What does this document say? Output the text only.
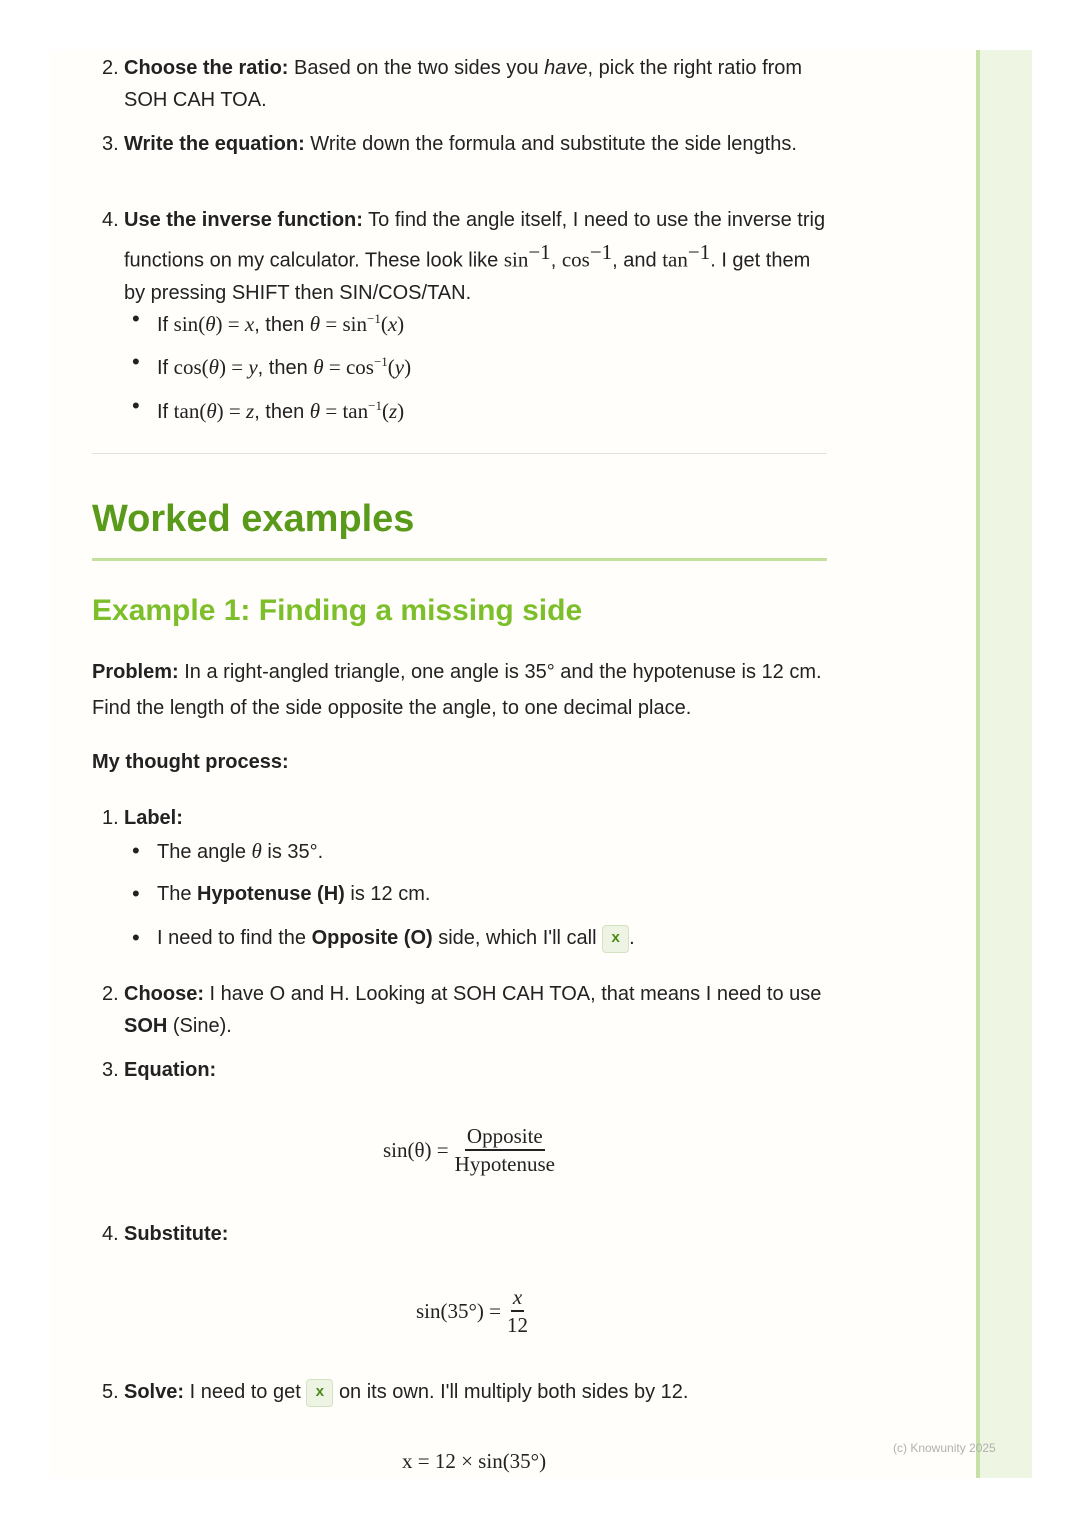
2. Choose the ratio: Based on the two sides you have, pick the right ratio from SOH CAH TOA.
3. Write the equation: Write down the formula and substitute the side lengths.
4. Use the inverse function: To find the angle itself, I need to use the inverse trig functions on my calculator. These look like $\sin^{-1}$, $\cos^{-1}$, and $\tan^{-1}$. I get them by pressing SHIFT then SIN/COS/TAN.
• If sin(θ) = x, then $\theta = \sin^{-1}(x)$
• If cos(θ) = y, then $\theta = \cos^{-1}(y)$
• If tan(θ) = z, then $\theta = \tan^{-1}(z)$
Worked examples
Example 1: Finding a missing side
Problem: In a right-angled triangle, one angle is 35° and the hypotenuse is 12 cm. Find the length of the side opposite the angle, to one decimal place.
My thought process:
1. Label:
• The angle θ is 35°.
• The Hypotenuse (H) is 12 cm.
• I need to find the Opposite (O) side, which I'll call x .
2. Choose: I have O and H. Looking at SOH CAH TOA, that means I need to use SOH (Sine).
3. Equation:
$\sin(\theta) = \frac{\text{Opposite}}{\text{Hypotenuse}}$
4. Substitute:
$\sin(35^\circ) = \frac{x}{12}$
5. Solve: I need to get x on its own. I'll multiply both sides by 12.
x = 12 × sin(35°)
(c) Knowunity 2025
